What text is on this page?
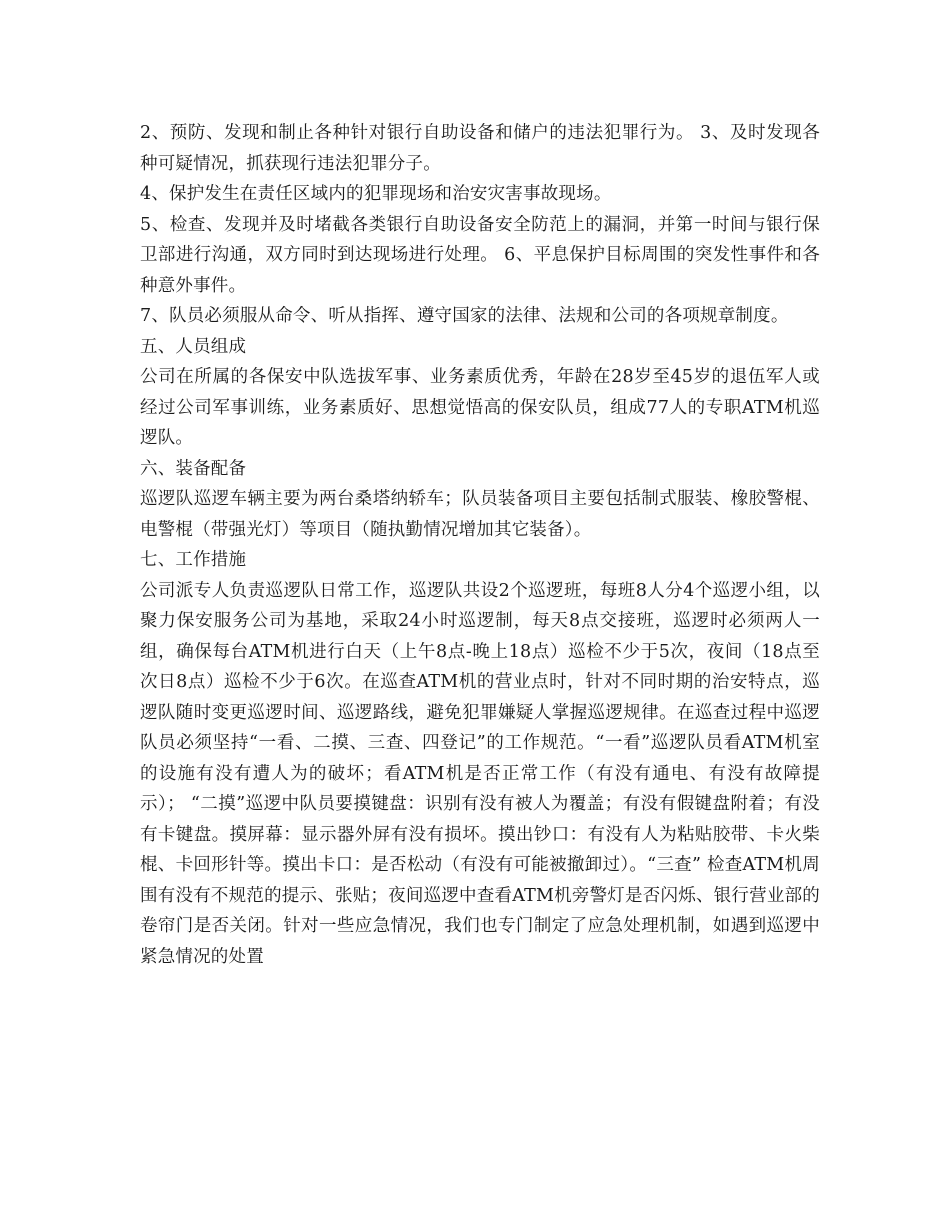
2、预防、发现和制止各种针对银行自助设备和储户的违法犯罪行为。 3、及时发现各种可疑情况，抓获现行违法犯罪分子。

4、保护发生在责任区域内的犯罪现场和治安灾害事故现场。

5、检查、发现并及时堵截各类银行自助设备安全防范上的漏洞，并第一时间与银行保卫部进行沟通，双方同时到达现场进行处理。 6、平息保护目标周围的突发性事件和各种意外事件。

7、队员必须服从命令、听从指挥、遵守国家的法律、法规和公司的各项规章制度。

五、人员组成

公司在所属的各保安中队选拔军事、业务素质优秀，年龄在28岁至45岁的退伍军人或经过公司军事训练，业务素质好、思想觉悟高的保安队员，组成77人的专职ATM机巡逻队。

六、装备配备

巡逻队巡逻车辆主要为两台桑塔纳轿车；队员装备项目主要包括制式服装、橡胶警棍、电警棍（带强光灯）等项目（随执勤情况增加其它装备）。

七、工作措施

公司派专人负责巡逻队日常工作，巡逻队共设2个巡逻班，每班8人分4个巡逻小组，以聚力保安服务公司为基地，采取24小时巡逻制，每天8点交接班，巡逻时必须两人一组，确保每台ATM机进行白天（上午8点-晚上18点）巡检不少于5次，夜间（18点至次日8点）巡检不少于6次。在巡查ATM机的营业点时，针对不同时期的治安特点，巡逻队随时变更巡逻时间、巡逻路线，避免犯罪嫌疑人掌握巡逻规律。在巡查过程中巡逻队员必须坚持“一看、二摸、三查、四登记”的工作规范。“一看”巡逻队员看ATM机室的设施有没有遭人为的破坏；看ATM机是否正常工作（有没有通电、有没有故障提示）； “二摸”巡逻中队员要摸键盘：识别有没有被人为覆盖；有没有假键盘附着；有没有卡键盘。摸屏幕：显示器外屏有没有损坏。摸出钞口：有没有人为粘贴胶带、卡火柴棍、卡回形针等。摸出卡口：是否松动（有没有可能被撤卸过）。“三查” 检查ATM机周围有没有不规范的提示、张贴；夜间巡逻中查看ATM机旁警灯是否闪烁、银行营业部的卷帘门是否关闭。针对一些应急情况，我们也专门制定了应急处理机制，如遇到巡逻中紧急情况的处置
